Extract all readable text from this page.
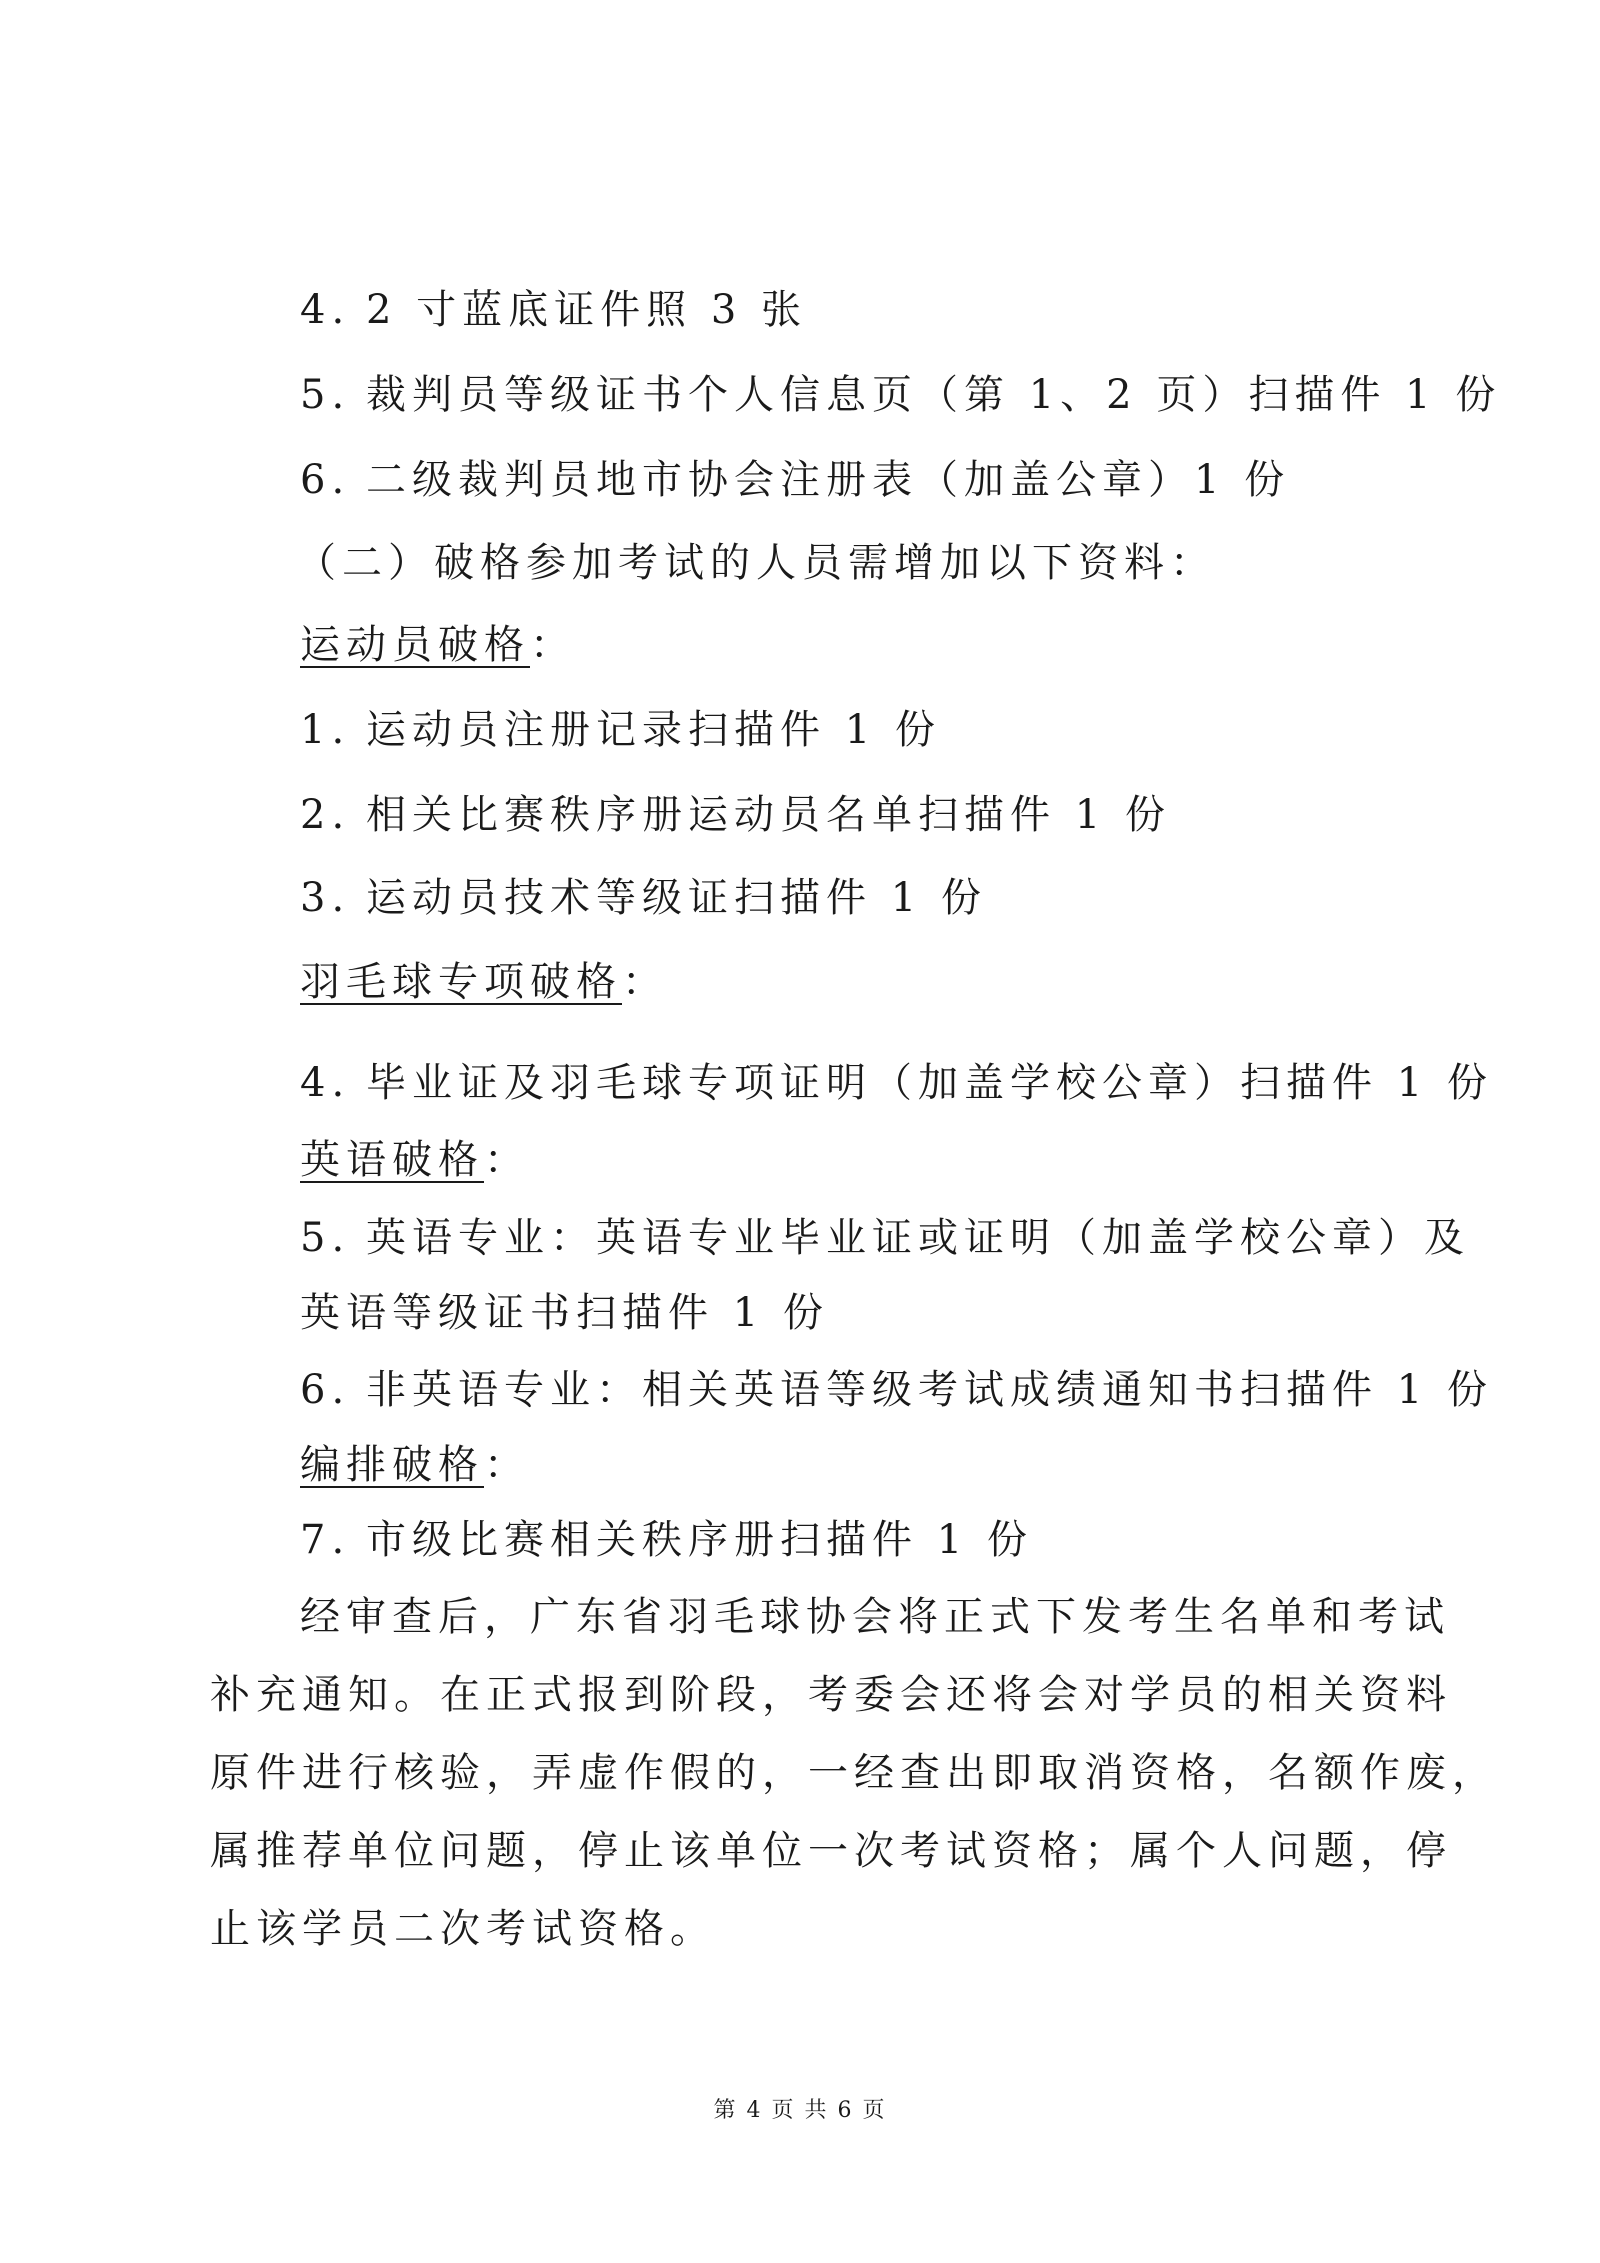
4. 2 寸蓝底证件照 3 张
5. 裁判员等级证书个人信息页（第 1、2 页）扫描件 1 份
6. 二级裁判员地市协会注册表（加盖公章）1 份
（二）破格参加考试的人员需增加以下资料：
运动员破格：
1. 运动员注册记录扫描件 1 份
2. 相关比赛秩序册运动员名单扫描件 1 份
3. 运动员技术等级证扫描件 1 份
羽毛球专项破格：
4. 毕业证及羽毛球专项证明（加盖学校公章）扫描件 1 份
英语破格：
5. 英语专业：英语专业毕业证或证明（加盖学校公章）及
英语等级证书扫描件 1 份
6. 非英语专业：相关英语等级考试成绩通知书扫描件 1 份
编排破格：
7. 市级比赛相关秩序册扫描件 1 份
经审查后，广东省羽毛球协会将正式下发考生名单和考试
补充通知。在正式报到阶段，考委会还将会对学员的相关资料
原件进行核验，弄虚作假的，一经查出即取消资格，名额作废，
属推荐单位问题，停止该单位一次考试资格；属个人问题，停
止该学员二次考试资格。
第 4 页 共 6 页
